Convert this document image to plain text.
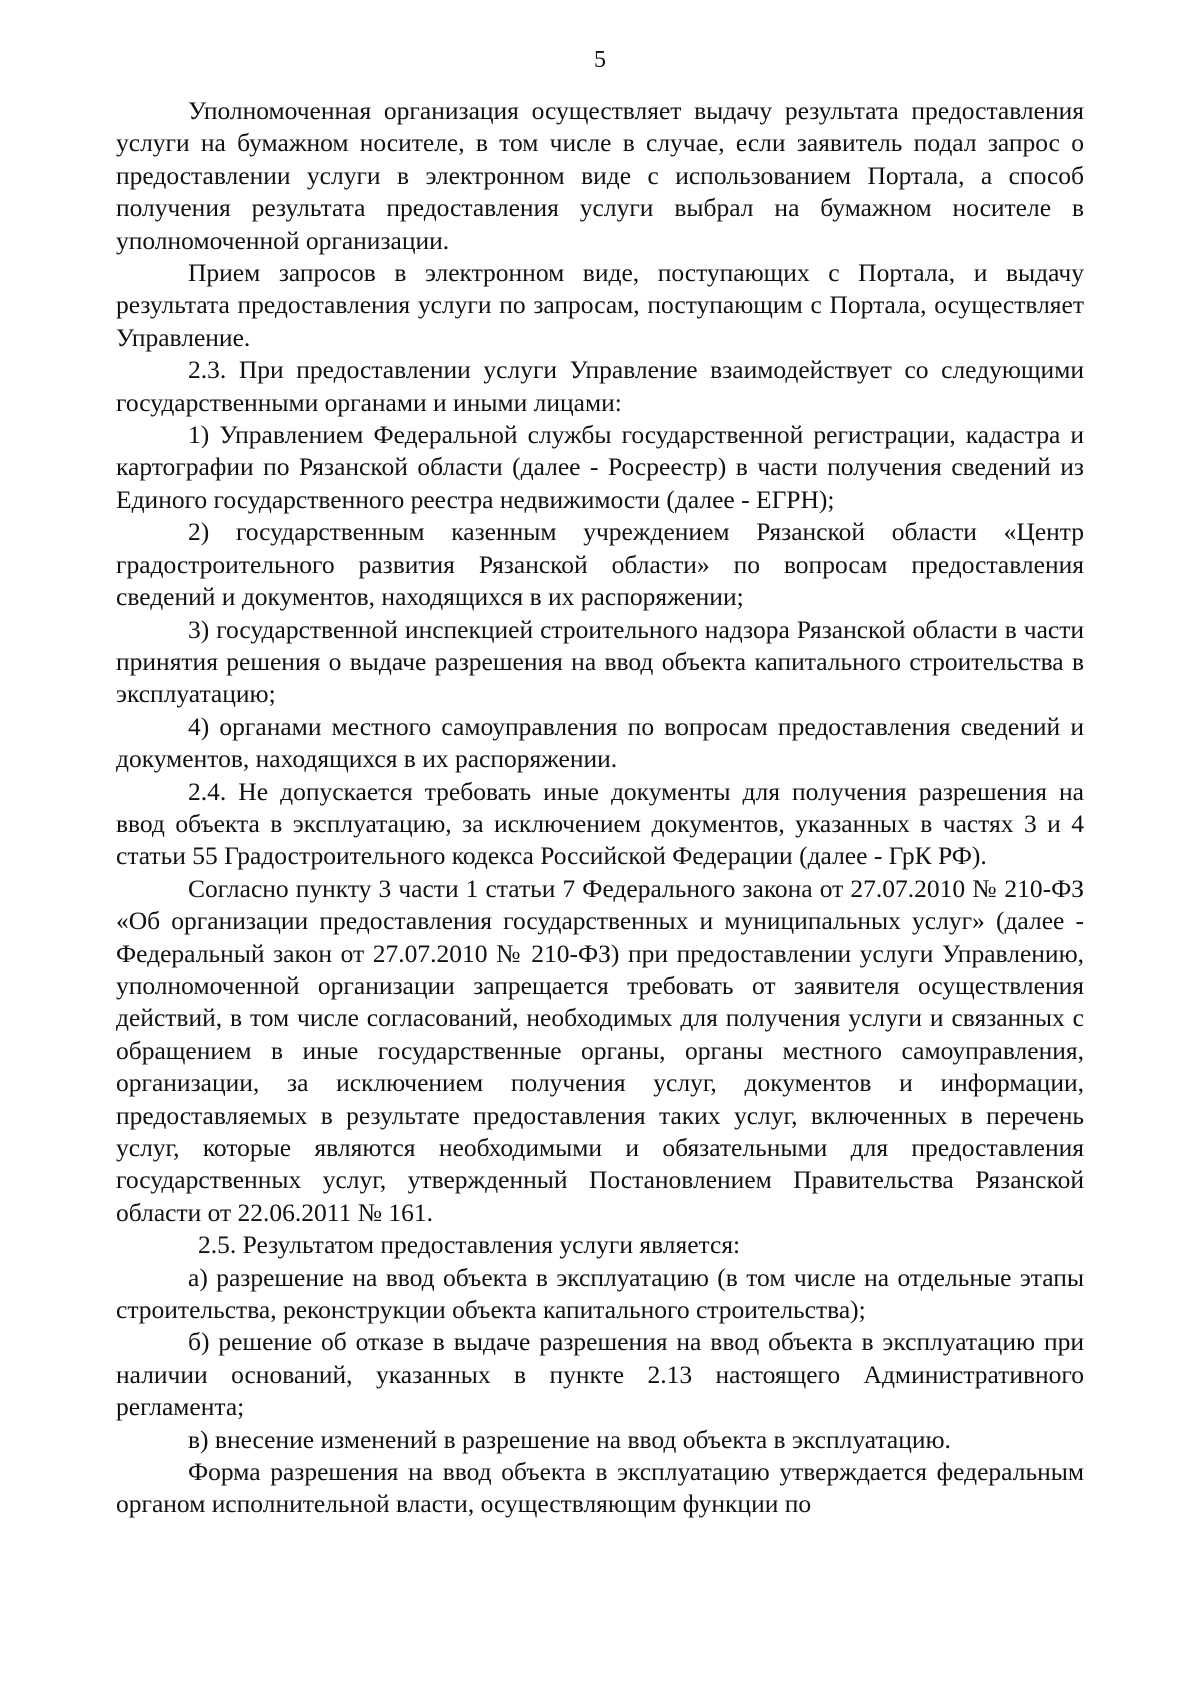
5

Уполномоченная организация осуществляет выдачу результата предоставления услуги на бумажном носителе, в том числе в случае, если заявитель подал запрос о предоставлении услуги в электронном виде с использованием Портала, а способ получения результата предоставления услуги выбрал на бумажном носителе в уполномоченной организации.

Прием запросов в электронном виде, поступающих с Портала, и выдачу результата предоставления услуги по запросам, поступающим с Портала, осуществляет Управление.

2.3. При предоставлении услуги Управление взаимодействует со следующими государственными органами и иными лицами:

1) Управлением Федеральной службы государственной регистрации, кадастра и картографии по Рязанской области (далее - Росреестр) в части получения сведений из Единого государственного реестра недвижимости (далее - ЕГРН);

2) государственным казенным учреждением Рязанской области «Центр градостроительного развития Рязанской области» по вопросам предоставления сведений и документов, находящихся в их распоряжении;

3) государственной инспекцией строительного надзора Рязанской области в части принятия решения о выдаче разрешения на ввод объекта капитального строительства в эксплуатацию;

4) органами местного самоуправления по вопросам предоставления сведений и документов, находящихся в их распоряжении.

2.4. Не допускается требовать иные документы для получения разрешения на ввод объекта в эксплуатацию, за исключением документов, указанных в частях 3 и 4 статьи 55 Градостроительного кодекса Российской Федерации (далее - ГрК РФ).

Согласно пункту 3 части 1 статьи 7 Федерального закона от 27.07.2010 № 210-ФЗ «Об организации предоставления государственных и муниципальных услуг» (далее - Федеральный закон от 27.07.2010 № 210-ФЗ) при предоставлении услуги Управлению, уполномоченной организации запрещается требовать от заявителя осуществления действий, в том числе согласований, необходимых для получения услуги и связанных с обращением в иные государственные органы, органы местного самоуправления, организации, за исключением получения услуг, документов и информации, предоставляемых в результате предоставления таких услуг, включенных в перечень услуг, которые являются необходимыми и обязательными для предоставления государственных услуг, утвержденный Постановлением Правительства Рязанской области от 22.06.2011 № 161.

2.5. Результатом предоставления услуги является:

а) разрешение на ввод объекта в эксплуатацию (в том числе на отдельные этапы строительства, реконструкции объекта капитального строительства);

б) решение об отказе в выдаче разрешения на ввод объекта в эксплуатацию при наличии оснований, указанных в пункте 2.13 настоящего Административного регламента;

в) внесение изменений в разрешение на ввод объекта в эксплуатацию.

Форма разрешения на ввод объекта в эксплуатацию утверждается федеральным органом исполнительной власти, осуществляющим функции по
